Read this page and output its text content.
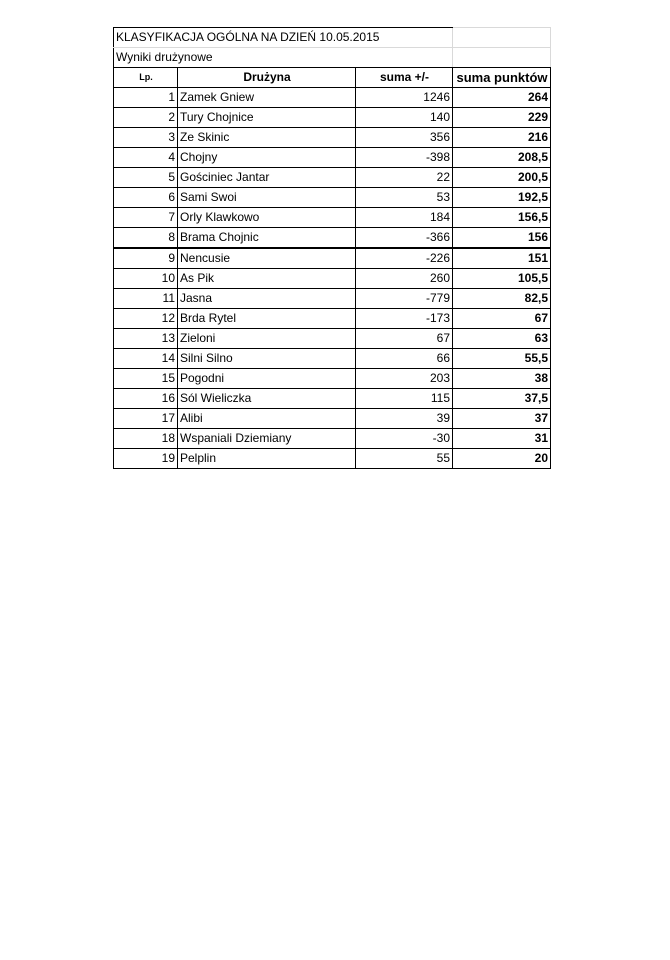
KLASYFIKACJA OGÓLNA NA DZIEŃ 10.05.2015			
Wyniki drużynowe			
Lp.	Drużyna	suma +/-	suma punktów
1	Zamek Gniew	1246	264
2	Tury Chojnice	140	229
3	Ze Skinic	356	216
4	Chojny	-398	208,5
5	Gościniec Jantar	22	200,5
6	Sami Swoi	53	192,5
7	Orly Klawkowo	184	156,5
8	Brama Chojnic	-366	156
9	Nencusie	-226	151
10	As Pik	260	105,5
11	Jasna	-779	82,5
12	Brda Rytel	-173	67
13	Zieloni	67	63
14	Silni Silno	66	55,5
15	Pogodni	203	38
16	Sól Wieliczka	115	37,5
17	Alibi	39	37
18	Wspaniali Dziemiany	-30	31
19	Pelplin	55	20
